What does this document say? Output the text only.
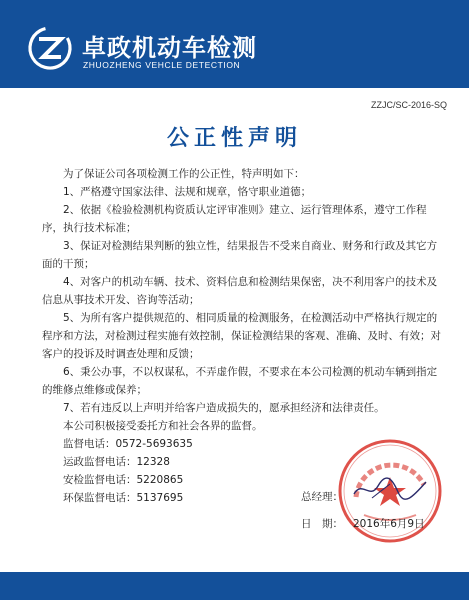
卓政机动车检测
ZHUOZHENG VEHCLE DETECTION
ZZJC/SC-2016-SQ
公正性声明

为了保证公司各项检测工作的公正性，特声明如下：

1、严格遵守国家法律、法规和规章，恪守职业道德；

2、依据《检验检测机构资质认定评审准则》建立、运行管理体系，遵守工作程序，执行技术标准；

3、保证对检测结果判断的独立性，结果报告不受来自商业、财务和行政及其它方面的干预；

4、对客户的机动车辆、技术、资料信息和检测结果保密，决不利用客户的技术及信息从事技术开发、咨询等活动；

5、为所有客户提供规范的、相同质量的检测服务，在检测活动中严格执行规定的程序和方法，对检测过程实施有效控制，保证检测结果的客观、准确、及时、有效；对客户的投诉及时调查处理和反馈；

6、秉公办事，不以权谋私，不弄虚作假，不要求在本公司检测的机动车辆到指定的维修点维修或保养；

7、若有违反以上声明并给客户造成损失的，愿承担经济和法律责任。

本公司积极接受委托方和社会各界的监督。

监督电话：0572-5693635

运政监督电话：12328

安检监督电话：5220865

环保监督电话：5137695	总经理：
日　期： 2016年6月9日
